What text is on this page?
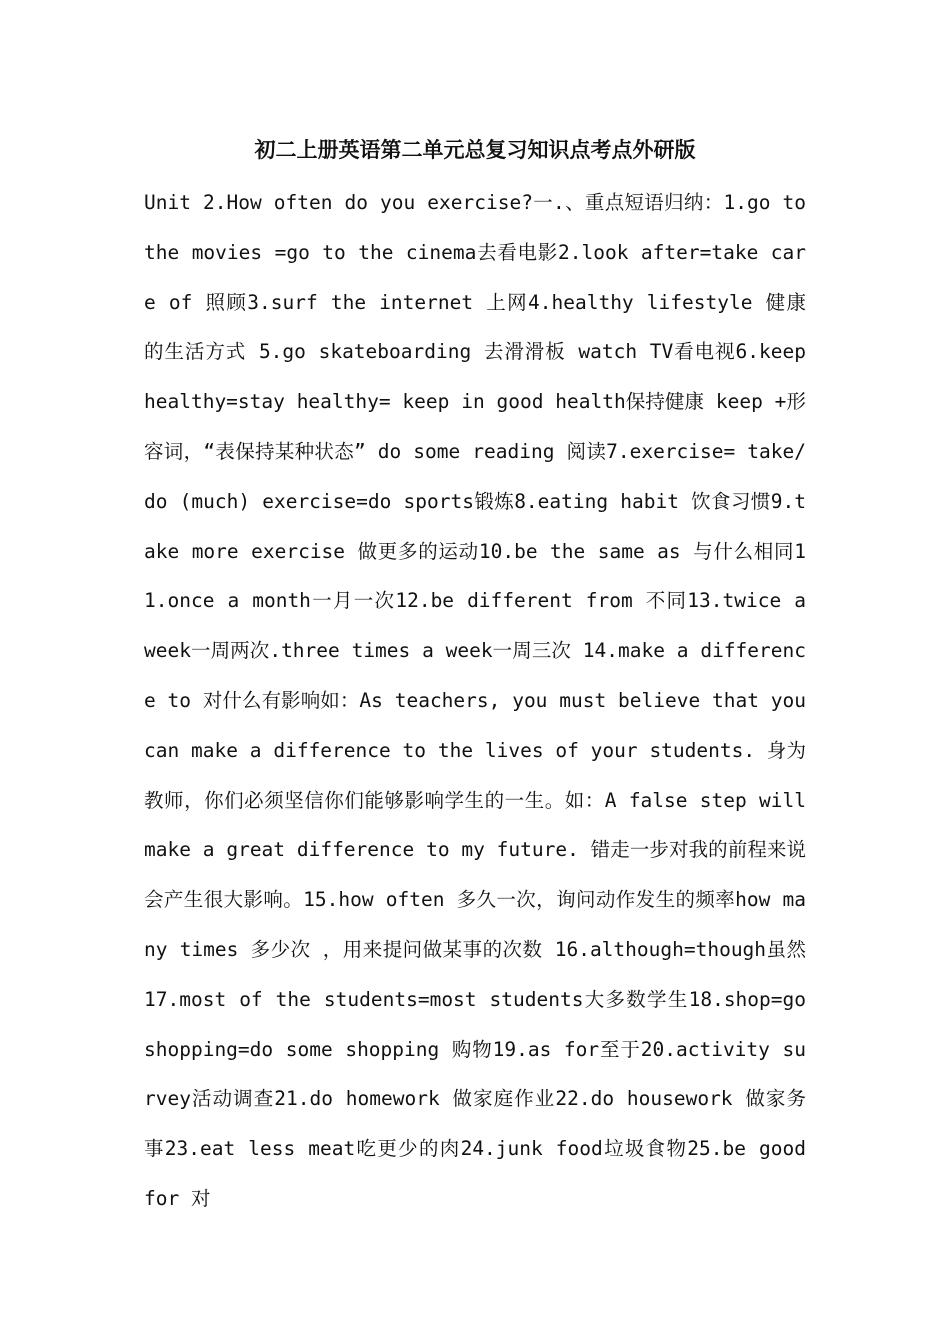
初二上册英语第二单元总复习知识点考点外研版

Unit 2.How often do you exercise?一.、重点短语归纳：1.go to the movies =go to the cinema去看电影2.look after=take care of 照顾3.surf the internet 上网4.healthy lifestyle 健康的生活方式 5.go skateboarding 去滑滑板 watch TV看电视6.keep healthy=stay healthy= keep in good health保持健康 keep +形容词，“表保持某种状态” do some reading 阅读7.exercise= take/do (much) exercise=do sports锻炼8.eating habit 饮食习惯9.take more exercise 做更多的运动10.be the same as 与什么相同11.once a month一月一次12.be different from 不同13.twice a week一周两次.three times a week一周三次 14.make a difference to 对什么有影响如：As teachers, you must believe that you can make a difference to the lives of your students. 身为教师，你们必须坚信你们能够影响学生的一生。如：A false step will make a great difference to my future. 错走一步对我的前程来说会产生很大影响。15.how often 多久一次，询问动作发生的频率how many times 多少次 ，用来提问做某事的次数 16.although=though虽然 17.most of the students=most students大多数学生18.shop=go shopping=do some shopping 购物19.as for至于20.activity survey活动调查21.do homework 做家庭作业22.do housework 做家务事23.eat less meat吃更少的肉24.junk food垃圾食物25.be good for 对
